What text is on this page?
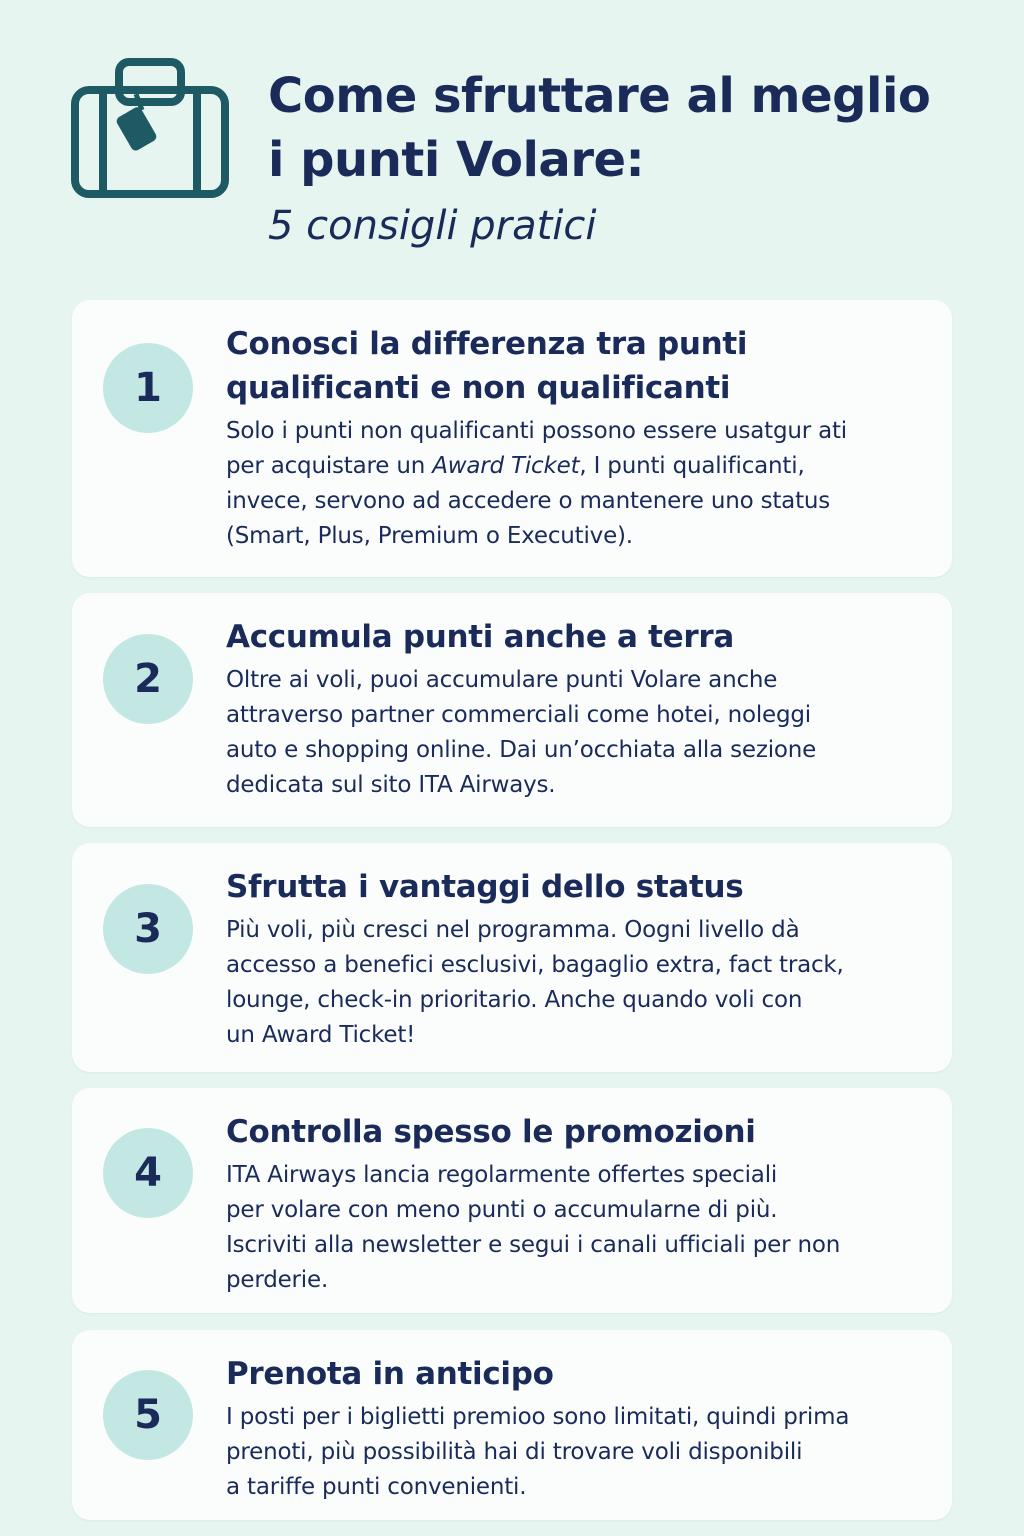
Come sfruttare al meglio
i punti Volare:
5 consigli pratici
1
Conosci la differenza tra punti
qualificanti e non qualificanti

Solo i punti non qualificanti possono essere usatgur ati
per acquistare un Award Ticket, I punti qualificanti,
invece, servono ad accedere o mantenere uno status
(Smart, Plus, Premium o Executive).

2
Accumula punti anche a terra

Oltre ai voli, puoi accumulare punti Volare anche
attraverso partner commerciali come hotei, noleggi
auto e shopping online. Dai un’occhiata alla sezione
dedicata sul sito ITA Airways.

3
Sfrutta i vantaggi dello status

Più voli, più cresci nel programma. Oogni livello dà
accesso a benefici esclusivi, bagaglio extra, fact track,
lounge, check-in prioritario. Anche quando voli con
un Award Ticket!

4
Controlla spesso le promozioni

ITA Airways lancia regolarmente offertes speciali
per volare con meno punti o accumularne di più.
Iscriviti alla newsletter e segui i canali ufficiali per non
perderie.

5
Prenota in anticipo

I posti per i biglietti premioo sono limitati, quindi prima
prenoti, più possibilità hai di trovare voli disponibili
a tariffe punti convenienti.
